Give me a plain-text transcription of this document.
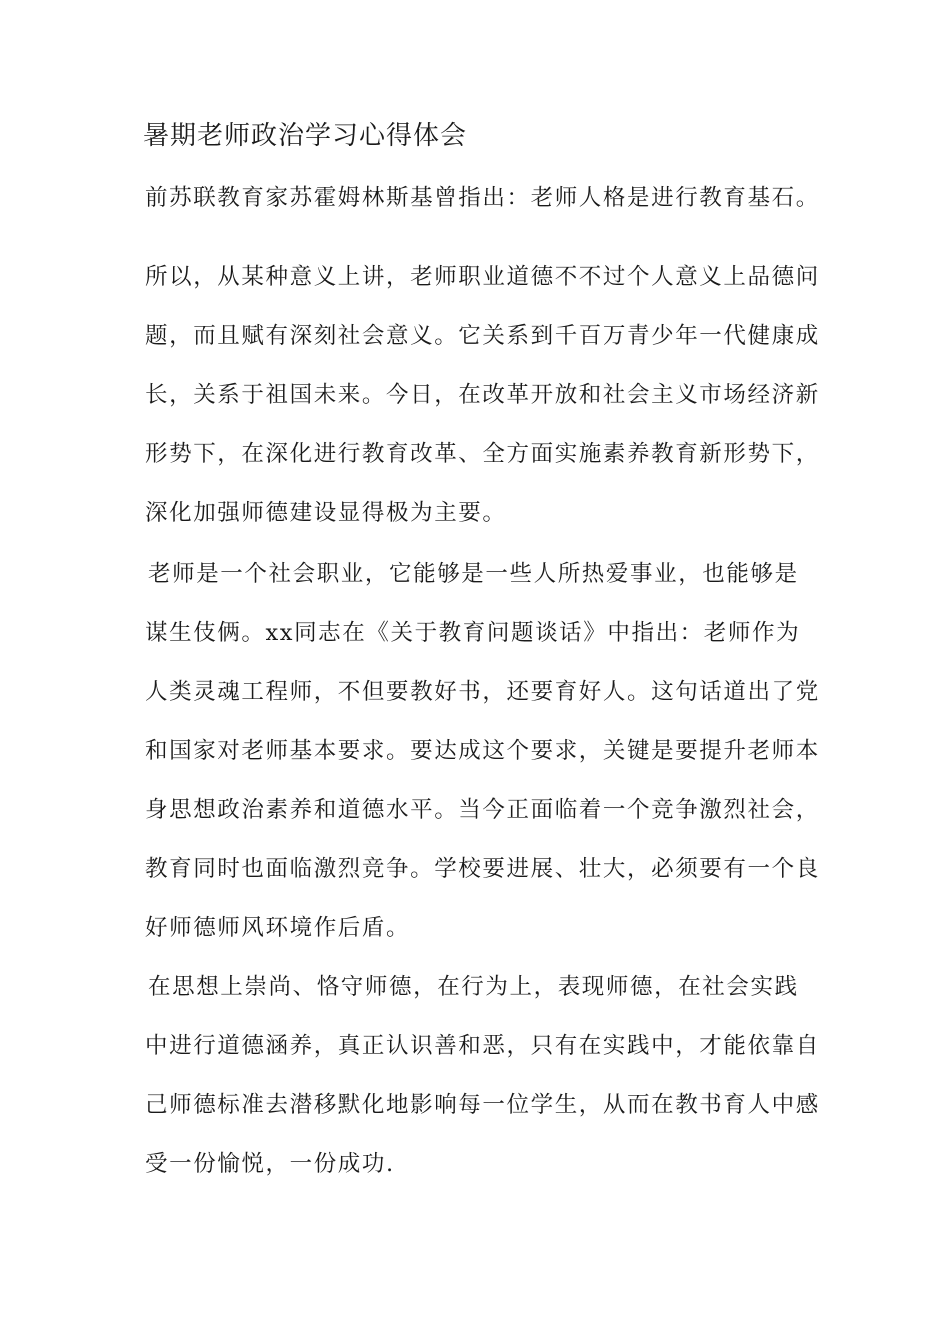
暑期老师政治学习心得体会
前苏联教育家苏霍姆林斯基曾指出：老师人格是进行教育基石。
所以，从某种意义上讲，老师职业道德不不过个人意义上品德问
题，而且赋有深刻社会意义。它关系到千百万青少年一代健康成
长，关系于祖国未来。今日，在改革开放和社会主义市场经济新
形势下，在深化进行教育改革、全方面实施素养教育新形势下，
深化加强师德建设显得极为主要。
老师是一个社会职业，它能够是一些人所热爱事业，也能够是
谋生伎俩。xx同志在《关于教育问题谈话》中指出：老师作为
人类灵魂工程师，不但要教好书，还要育好人。这句话道出了党
和国家对老师基本要求。要达成这个要求，关键是要提升老师本
身思想政治素养和道德水平。当今正面临着一个竞争激烈社会，
教育同时也面临激烈竞争。学校要进展、壮大，必须要有一个良
好师德师风环境作后盾。
在思想上崇尚、恪守师德，在行为上，表现师德，在社会实践
中进行道德涵养，真正认识善和恶，只有在实践中，才能依靠自
己师德标准去潜移默化地影响每一位学生，从而在教书育人中感
受一份愉悦，一份成功.
